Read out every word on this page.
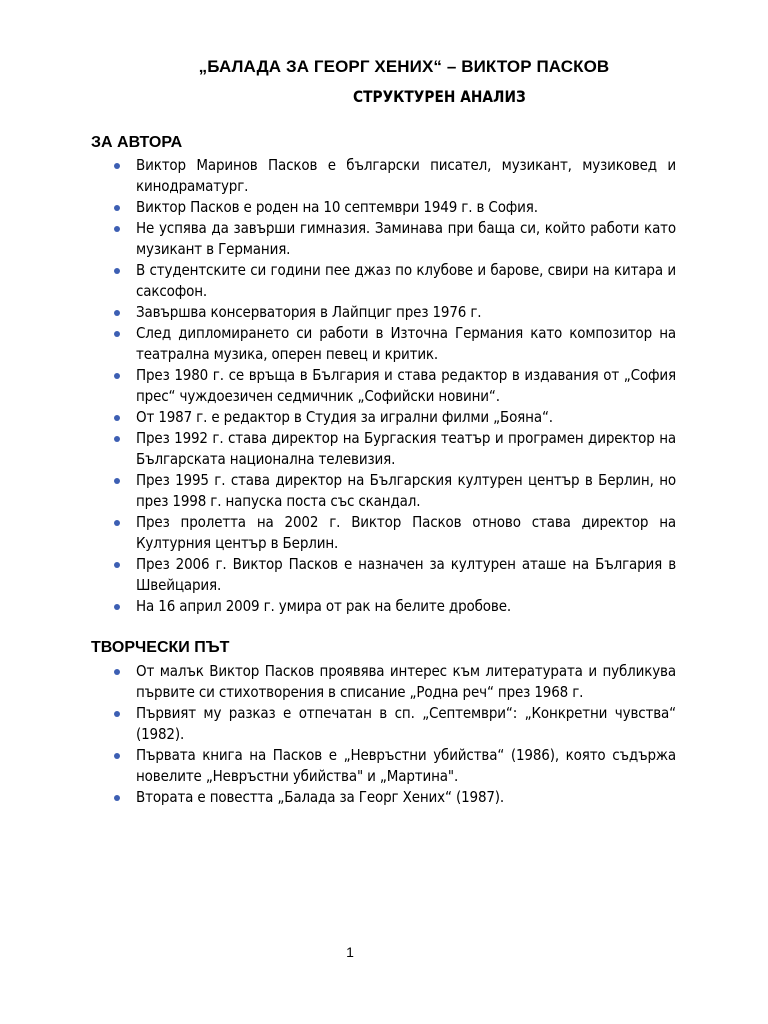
„БАЛАДА ЗА ГЕОРГ ХЕНИХ“ – ВИКТОР ПАСКОВ
СТРУКТУРЕН АНАЛИЗ
ЗА АВТОРА
Виктор Маринов Пасков е български писател, музикант, музиковед и кинодраматург.
Виктор Пасков е роден на 10 септември 1949 г. в София.
Не успява да завърши гимназия. Заминава при баща си, който работи като музикант в Германия.
В студентските си години пее джаз по клубове и барове, свири на китара и саксофон.
Завършва консерватория в Лайпциг през 1976 г.
След дипломирането си работи в Източна Германия като композитор на театрална музика, оперен певец и критик.
През 1980 г. се връща в България и става редактор в издавания от „София прес“ чуждоезичен седмичник „Софийски новини“.
От 1987 г. е редактор в Студия за игрални филми „Бояна“.
През 1992 г. става директор на Бургаския театър и програмен директор на Българската национална телевизия.
През 1995 г. става директор на Българския културен център в Берлин, но през 1998 г. напуска поста със скандал.
През пролетта на 2002 г. Виктор Пасков отново става директор на Културния център в Берлин.
През 2006 г. Виктор Пасков е назначен за културен аташе на България в Швейцария.
На 16 април 2009 г. умира от рак на белите дробове.
ТВОРЧЕСКИ ПЪТ
От малък Виктор Пасков проявява интерес към литературата и публикува първите си стихотворения в списание „Родна реч“ през 1968 г.
Първият му разказ е отпечатан в сп. „Септември“: „Конкретни чувства“ (1982).
Първата книга на Пасков е „Невръстни убийства“ (1986), която съдържа новелите „Невръстни убийства" и „Мартина".
Втората е повестта „Балада за Георг Хених“ (1987).
1
